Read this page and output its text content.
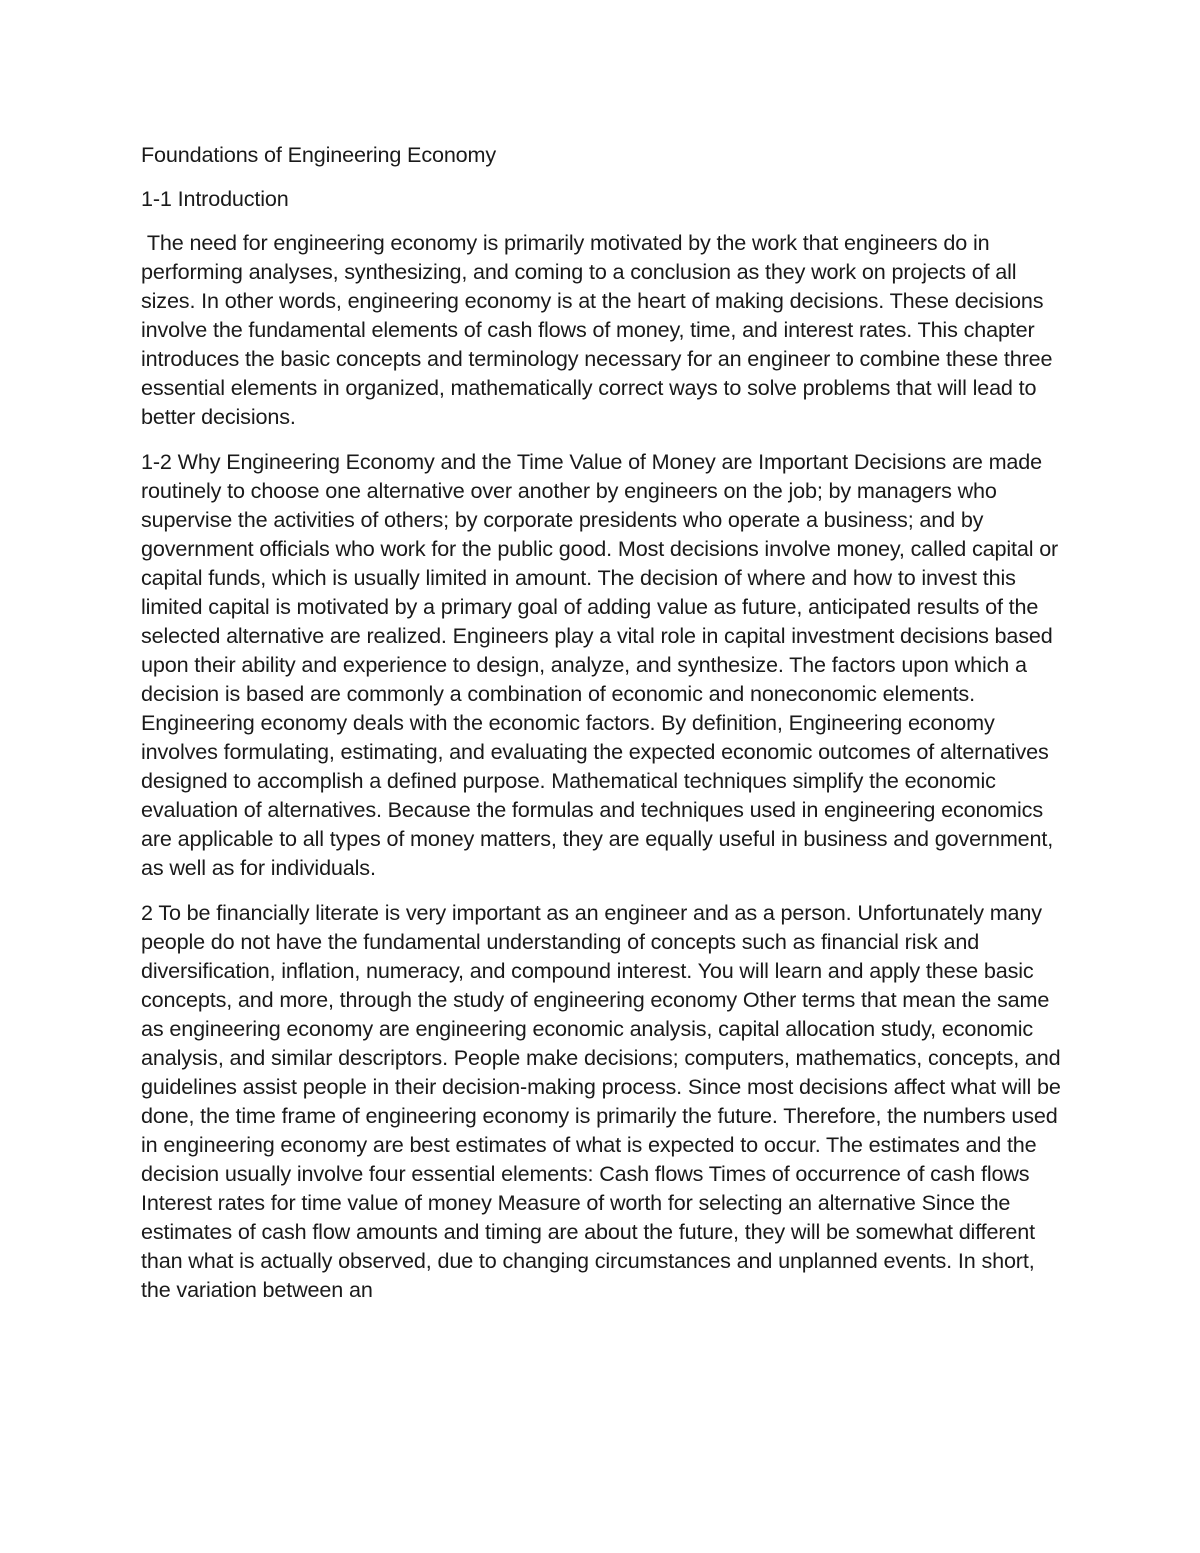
Foundations of Engineering Economy

1-1 Introduction

The need for engineering economy is primarily motivated by the work that engineers do in performing analyses, synthesizing, and coming to a conclusion as they work on projects of all sizes. In other words, engineering economy is at the heart of making decisions. These decisions involve the fundamental elements of cash flows of money, time, and interest rates. This chapter introduces the basic concepts and terminology necessary for an engineer to combine these three essential elements in organized, mathematically correct ways to solve problems that will lead to better decisions.

1-2 Why Engineering Economy and the Time Value of Money are Important Decisions are made routinely to choose one alternative over another by engineers on the job; by managers who supervise the activities of others; by corporate presidents who operate a business; and by government officials who work for the public good. Most decisions involve money, called capital or capital funds, which is usually limited in amount. The decision of where and how to invest this limited capital is motivated by a primary goal of adding value as future, anticipated results of the selected alternative are realized. Engineers play a vital role in capital investment decisions based upon their ability and experience to design, analyze, and synthesize. The factors upon which a decision is based are commonly a combination of economic and noneconomic elements. Engineering economy deals with the economic factors. By definition, Engineering economy involves formulating, estimating, and evaluating the expected economic outcomes of alternatives designed to accomplish a defined purpose. Mathematical techniques simplify the economic evaluation of alternatives. Because the formulas and techniques used in engineering economics are applicable to all types of money matters, they are equally useful in business and government, as well as for individuals.

2 To be financially literate is very important as an engineer and as a person. Unfortunately many people do not have the fundamental understanding of concepts such as financial risk and diversification, inflation, numeracy, and compound interest. You will learn and apply these basic concepts, and more, through the study of engineering economy Other terms that mean the same as engineering economy are engineering economic analysis, capital allocation study, economic analysis, and similar descriptors. People make decisions; computers, mathematics, concepts, and guidelines assist people in their decision-making process. Since most decisions affect what will be done, the time frame of engineering economy is primarily the future. Therefore, the numbers used in engineering economy are best estimates of what is expected to occur. The estimates and the decision usually involve four essential elements: Cash flows Times of occurrence of cash flows Interest rates for time value of money Measure of worth for selecting an alternative Since the estimates of cash flow amounts and timing are about the future, they will be somewhat different than what is actually observed, due to changing circumstances and unplanned events. In short, the variation between an
